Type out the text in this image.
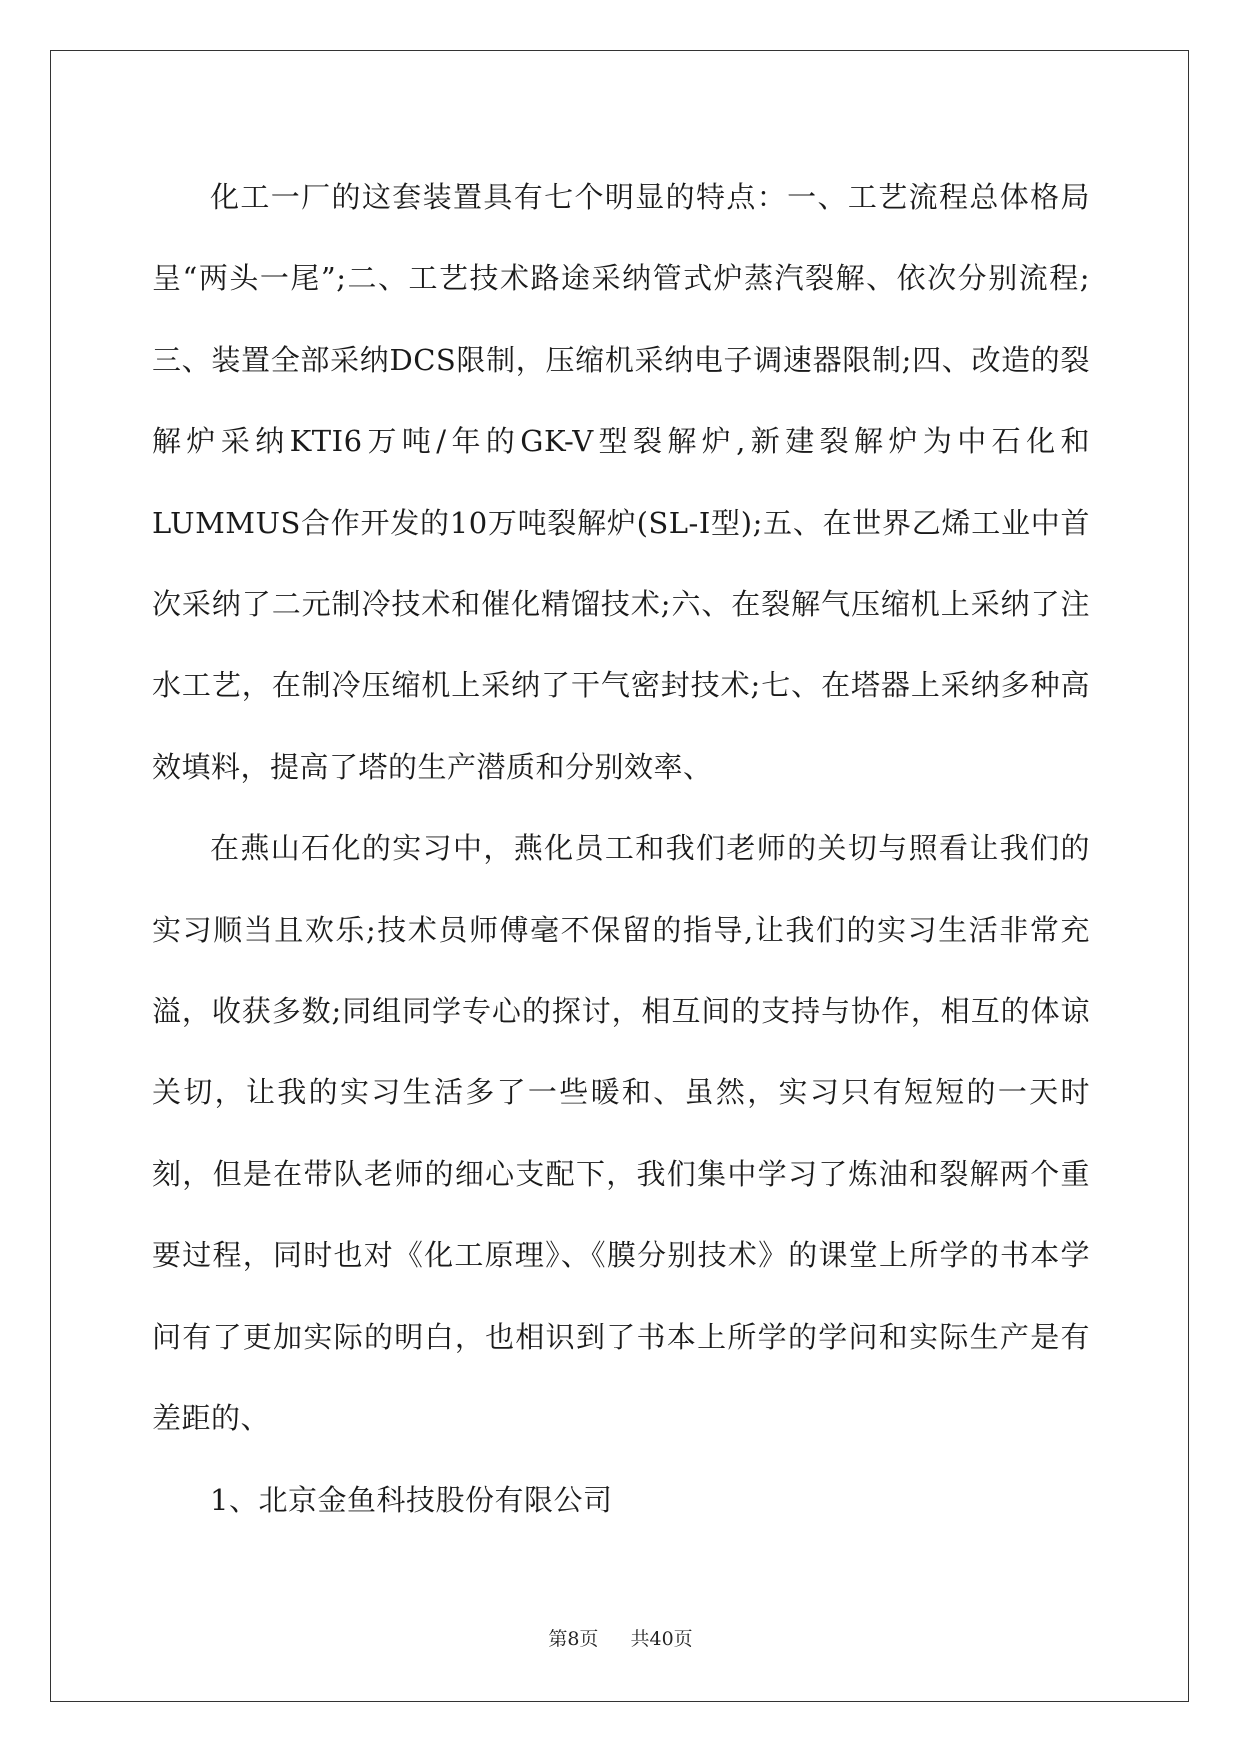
化工一厂的这套装置具有七个明显的特点：一、工艺流程总体格局呈“两头一尾”;二、工艺技术路途采纳管式炉蒸汽裂解、依次分别流程;三、装置全部采纳DCS限制，压缩机采纳电子调速器限制;四、改造的裂解炉采纳KTI6万吨/年的GK-V型裂解炉,新建裂解炉为中石化和LUMMUS合作开发的10万吨裂解炉(SL-I型);五、在世界乙烯工业中首次采纳了二元制冷技术和催化精馏技术;六、在裂解气压缩机上采纳了注水工艺，在制冷压缩机上采纳了干气密封技术;七、在塔器上采纳多种高效填料，提高了塔的生产潜质和分别效率、

在燕山石化的实习中，燕化员工和我们老师的关切与照看让我们的实习顺当且欢乐;技术员师傅毫不保留的指导,让我们的实习生活非常充溢，收获多数;同组同学专心的探讨，相互间的支持与协作，相互的体谅关切，让我的实习生活多了一些暖和、虽然，实习只有短短的一天时刻，但是在带队老师的细心支配下，我们集中学习了炼油和裂解两个重要过程，同时也对《化工原理》、《膜分别技术》的课堂上所学的书本学问有了更加实际的明白，也相识到了书本上所学的学问和实际生产是有差距的、

1、北京金鱼科技股份有限公司

第8页 共40页
